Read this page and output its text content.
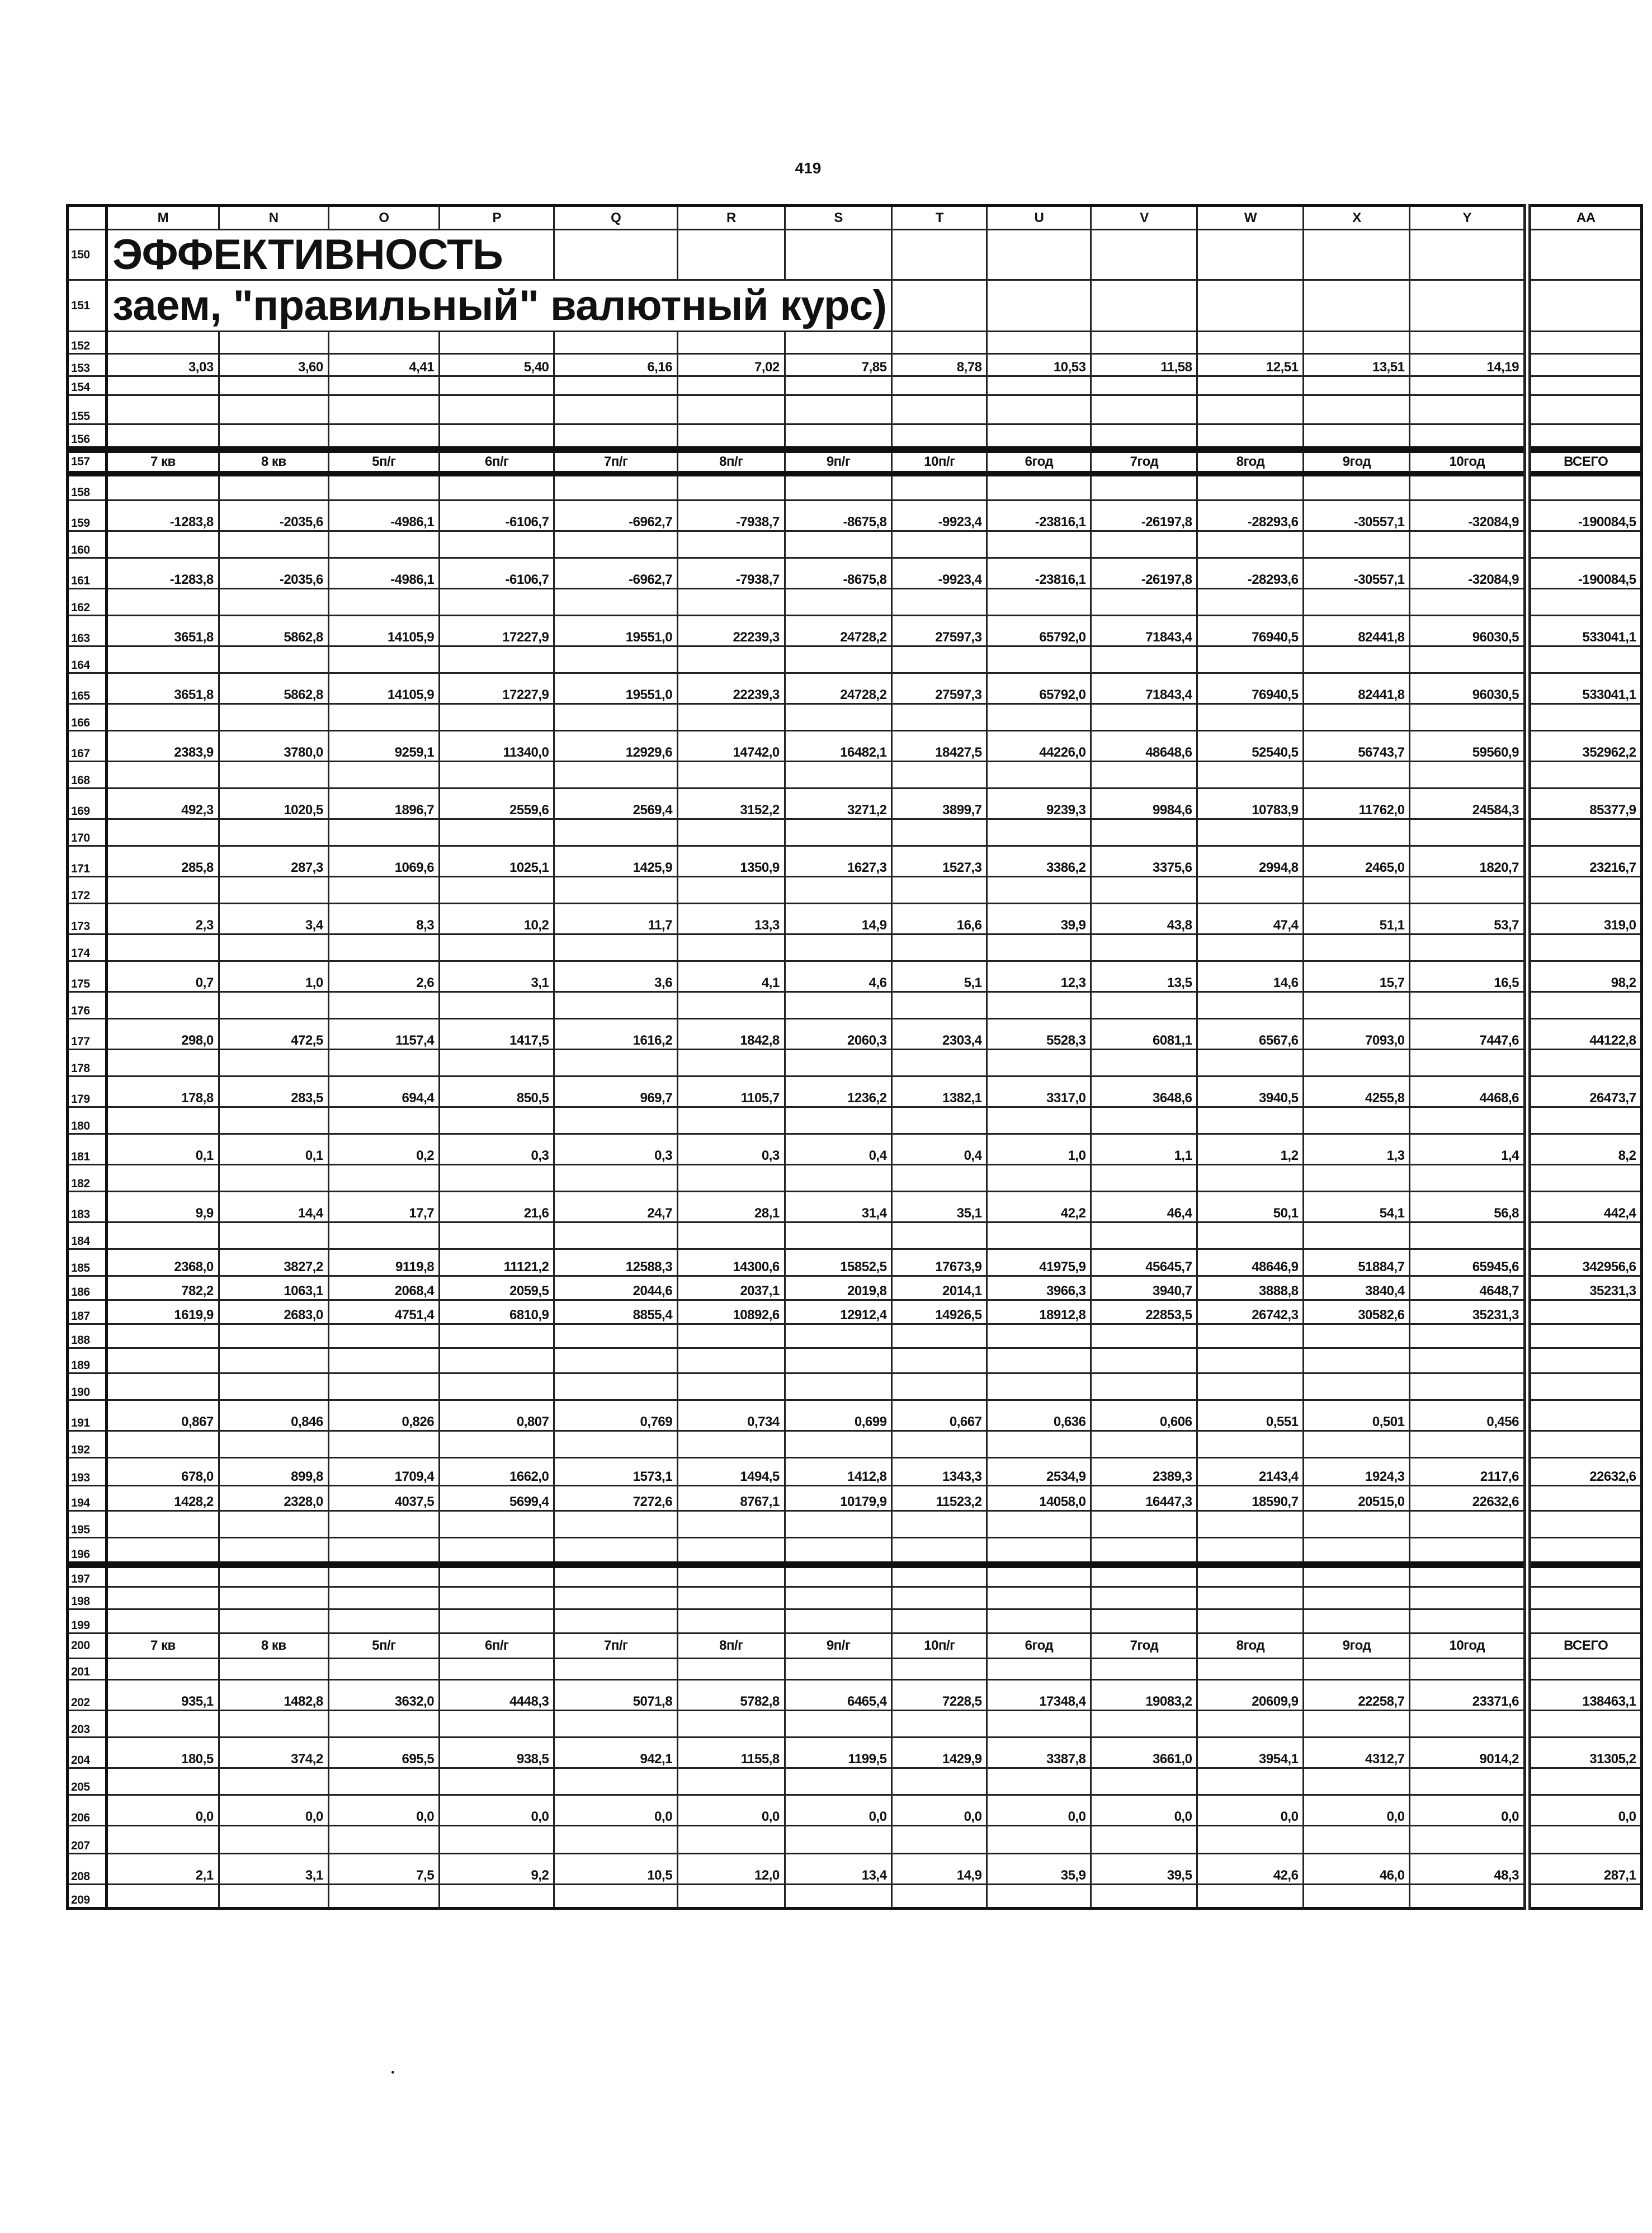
419
	M	N	O	P	Q	R	S	T	U	V	W	X	Y	AA
150	ЭФФЕКТИВНОСТЬ													
151	заем, "правильный" валютный курс)													
152														
153	3,03	3,60	4,41	5,40	6,16	7,02	7,85	8,78	10,53	11,58	12,51	13,51	14,19	
154														
155														
156														
157	7 кв	8 кв	5п/г	6п/г	7п/г	8п/г	9п/г	10п/г	6год	7год	8год	9год	10год	ВСЕГО
158														
159	-1283,8	-2035,6	-4986,1	-6106,7	-6962,7	-7938,7	-8675,8	-9923,4	-23816,1	-26197,8	-28293,6	-30557,1	-32084,9	-190084,5
160														
161	-1283,8	-2035,6	-4986,1	-6106,7	-6962,7	-7938,7	-8675,8	-9923,4	-23816,1	-26197,8	-28293,6	-30557,1	-32084,9	-190084,5
162														
163	3651,8	5862,8	14105,9	17227,9	19551,0	22239,3	24728,2	27597,3	65792,0	71843,4	76940,5	82441,8	96030,5	533041,1
164														
165	3651,8	5862,8	14105,9	17227,9	19551,0	22239,3	24728,2	27597,3	65792,0	71843,4	76940,5	82441,8	96030,5	533041,1
166														
167	2383,9	3780,0	9259,1	11340,0	12929,6	14742,0	16482,1	18427,5	44226,0	48648,6	52540,5	56743,7	59560,9	352962,2
168														
169	492,3	1020,5	1896,7	2559,6	2569,4	3152,2	3271,2	3899,7	9239,3	9984,6	10783,9	11762,0	24584,3	85377,9
170														
171	285,8	287,3	1069,6	1025,1	1425,9	1350,9	1627,3	1527,3	3386,2	3375,6	2994,8	2465,0	1820,7	23216,7
172														
173	2,3	3,4	8,3	10,2	11,7	13,3	14,9	16,6	39,9	43,8	47,4	51,1	53,7	319,0
174														
175	0,7	1,0	2,6	3,1	3,6	4,1	4,6	5,1	12,3	13,5	14,6	15,7	16,5	98,2
176														
177	298,0	472,5	1157,4	1417,5	1616,2	1842,8	2060,3	2303,4	5528,3	6081,1	6567,6	7093,0	7447,6	44122,8
178														
179	178,8	283,5	694,4	850,5	969,7	1105,7	1236,2	1382,1	3317,0	3648,6	3940,5	4255,8	4468,6	26473,7
180														
181	0,1	0,1	0,2	0,3	0,3	0,3	0,4	0,4	1,0	1,1	1,2	1,3	1,4	8,2
182														
183	9,9	14,4	17,7	21,6	24,7	28,1	31,4	35,1	42,2	46,4	50,1	54,1	56,8	442,4
184														
185	2368,0	3827,2	9119,8	11121,2	12588,3	14300,6	15852,5	17673,9	41975,9	45645,7	48646,9	51884,7	65945,6	342956,6
186	782,2	1063,1	2068,4	2059,5	2044,6	2037,1	2019,8	2014,1	3966,3	3940,7	3888,8	3840,4	4648,7	35231,3
187	1619,9	2683,0	4751,4	6810,9	8855,4	10892,6	12912,4	14926,5	18912,8	22853,5	26742,3	30582,6	35231,3	
188														
189														
190														
191	0,867	0,846	0,826	0,807	0,769	0,734	0,699	0,667	0,636	0,606	0,551	0,501	0,456	
192														
193	678,0	899,8	1709,4	1662,0	1573,1	1494,5	1412,8	1343,3	2534,9	2389,3	2143,4	1924,3	2117,6	22632,6
194	1428,2	2328,0	4037,5	5699,4	7272,6	8767,1	10179,9	11523,2	14058,0	16447,3	18590,7	20515,0	22632,6	
195														
196														
197														
198														
199														
200	7 кв	8 кв	5п/г	6п/г	7п/г	8п/г	9п/г	10п/г	6год	7год	8год	9год	10год	ВСЕГО
201														
202	935,1	1482,8	3632,0	4448,3	5071,8	5782,8	6465,4	7228,5	17348,4	19083,2	20609,9	22258,7	23371,6	138463,1
203														
204	180,5	374,2	695,5	938,5	942,1	1155,8	1199,5	1429,9	3387,8	3661,0	3954,1	4312,7	9014,2	31305,2
205														
206	0,0	0,0	0,0	0,0	0,0	0,0	0,0	0,0	0,0	0,0	0,0	0,0	0,0	0,0
207														
208	2,1	3,1	7,5	9,2	10,5	12,0	13,4	14,9	35,9	39,5	42,6	46,0	48,3	287,1
209														
